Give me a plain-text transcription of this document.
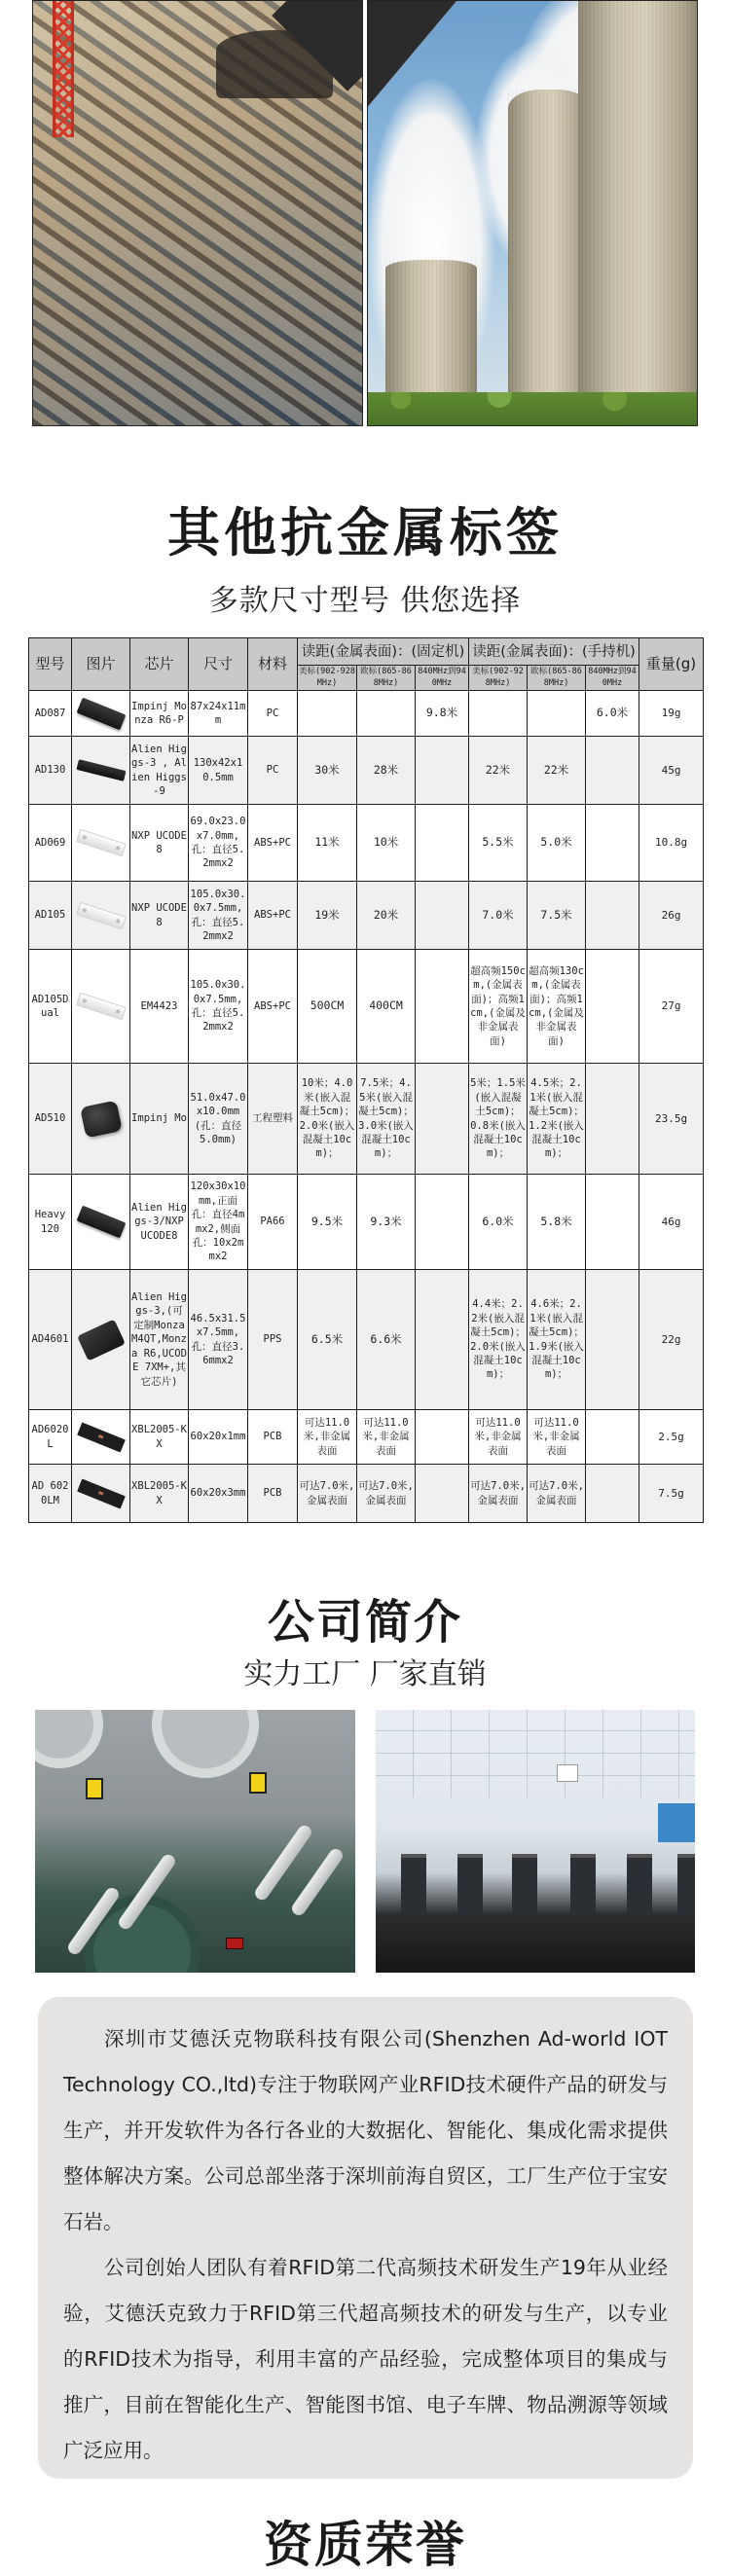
其他抗金属标签
多款尺寸型号 供您选择
型号	图片	芯片	尺寸	材料	读距(金属表面)：(固定机)			读距(金属表面)：(手持机)			重量(g)
					美标(902-928MHz)	欧标(865-868MHz)	840MHz到940MHz	美标(902-928MHz)	欧标(865-868MHz)	840MHz到940MHz	
AD087		Impinj Monza R6-P	87x24x11mm	PC			9.8米			6.0米	19g
AD130		Alien Higgs-3 , Alien Higgs-9	130x42x10.5mm	PC	30米	28米		22米	22米		45g
AD069		NXP UCODE8	69.0x23.0x7.0mm,孔：直径5.2mmx2	ABS+PC	11米	10米		5.5米	5.0米		10.8g
AD105		NXP UCODE8	105.0x30.0x7.5mm,孔：直径5.2mmx2	ABS+PC	19米	20米		7.0米	7.5米		26g
AD105Dual		EM4423	105.0x30.0x7.5mm,孔：直径5.2mmx2	ABS+PC	500CM	400CM		超高频150cm,(金属表面)；高频1cm,(金属及非金属表面)	超高频130cm,(金属表面)；高频1cm,(金属及非金属表面)		27g
AD510		Impinj Mo	51.0x47.0x10.0mm(孔：直径5.0mm)	工程塑料	10米；4.0米(嵌入混凝土5cm)；2.0米(嵌入混凝土10cm)；	7.5米；4.5米(嵌入混凝土5cm)；3.0米(嵌入混凝土10cm)；		5米；1.5米(嵌入混凝土5cm)；0.8米(嵌入混凝土10cm)；	4.5米；2.1米(嵌入混凝土5cm)；1.2米(嵌入混凝土10cm)；		23.5g
Heavy 120		Alien Higgs-3/NXP UCODE8	120x30x10mm,正面孔：直径4mmx2,侧面孔：10x2mmx2	PA66	9.5米	9.3米		6.0米	5.8米		46g
AD4601		Alien Higgs-3,(可定制Monza M4QT,Monza R6,UCODE 7XM+,其它芯片)	46.5x31.5x7.5mm,孔：直径3.6mmx2	PPS	6.5米	6.6米		4.4米；2.2米(嵌入混凝土5cm)；2.0米(嵌入混凝土10cm)；	4.6米；2.1米(嵌入混凝土5cm)；1.9米(嵌入混凝土10cm)；		22g
AD6020L		XBL2005-KX	60x20x1mm	PCB	可达11.0米,非金属表面	可达11.0米,非金属表面		可达11.0米,非金属表面	可达11.0米,非金属表面		2.5g
AD 6020LM		XBL2005-KX	60x20x3mm	PCB	可达7.0米,金属表面	可达7.0米,金属表面		可达7.0米,金属表面	可达7.0米,金属表面		7.5g
公司简介
实力工厂 厂家直销

深圳市艾德沃克物联科技有限公司(Shenzhen Ad-world IOT Technology CO.,ltd)专注于物联网产业RFID技术硬件产品的研发与生产，并开发软件为各行各业的大数据化、智能化、集成化需求提供整体解决方案。公司总部坐落于深圳前海自贸区，工厂生产位于宝安石岩。

公司创始人团队有着RFID第二代高频技术研发生产19年从业经验，艾德沃克致力于RFID第三代超高频技术的研发与生产，以专业的RFID技术为指导，利用丰富的产品经验，完成整体项目的集成与推广，目前在智能化生产、智能图书馆、电子车牌、物品溯源等领域广泛应用。

资质荣誉
